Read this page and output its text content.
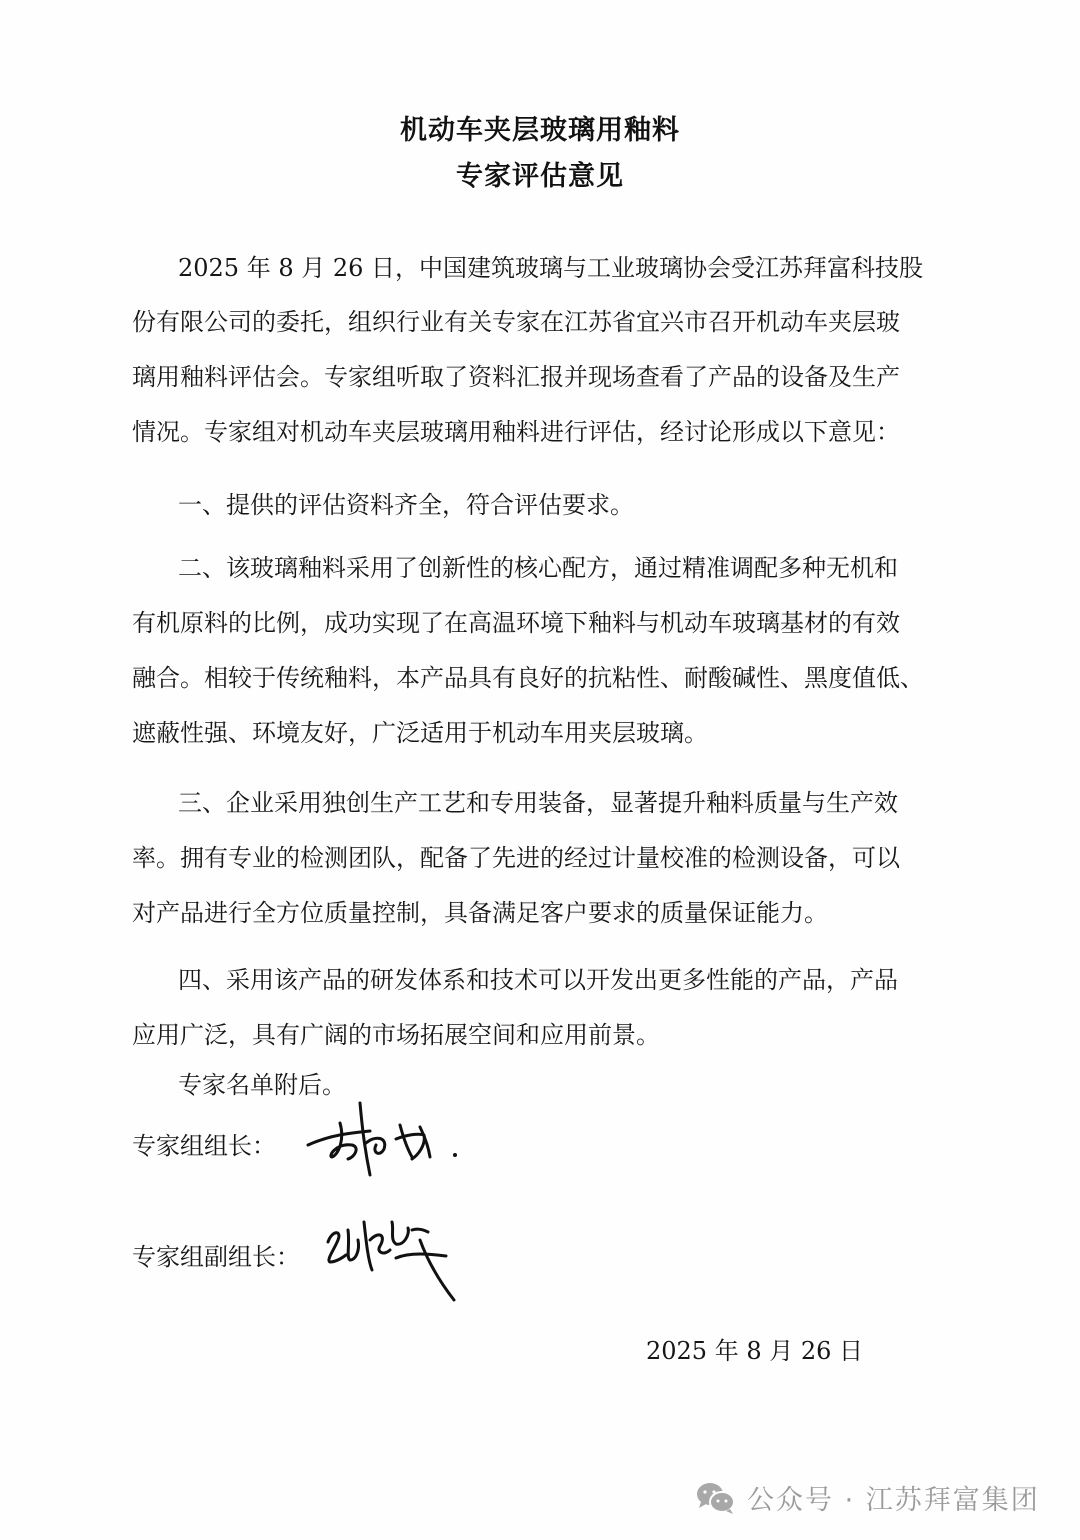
机动车夹层玻璃用釉料
专家评估意见
2025 年 8 月 26 日，中国建筑玻璃与工业玻璃协会受江苏拜富科技股
份有限公司的委托，组织行业有关专家在江苏省宜兴市召开机动车夹层玻
璃用釉料评估会。专家组听取了资料汇报并现场查看了产品的设备及生产
情况。专家组对机动车夹层玻璃用釉料进行评估，经讨论形成以下意见：
一、提供的评估资料齐全，符合评估要求。
二、该玻璃釉料采用了创新性的核心配方，通过精准调配多种无机和
有机原料的比例，成功实现了在高温环境下釉料与机动车玻璃基材的有效
融合。相较于传统釉料，本产品具有良好的抗粘性、耐酸碱性、黑度值低、
遮蔽性强、环境友好，广泛适用于机动车用夹层玻璃。
三、企业采用独创生产工艺和专用装备，显著提升釉料质量与生产效
率。拥有专业的检测团队，配备了先进的经过计量校准的检测设备，可以
对产品进行全方位质量控制，具备满足客户要求的质量保证能力。
四、采用该产品的研发体系和技术可以开发出更多性能的产品，产品
应用广泛，具有广阔的市场拓展空间和应用前景。
专家名单附后。
专家组组长：
专家组副组长：
2025 年 8 月 26 日
公众号 · 江苏拜富集团
